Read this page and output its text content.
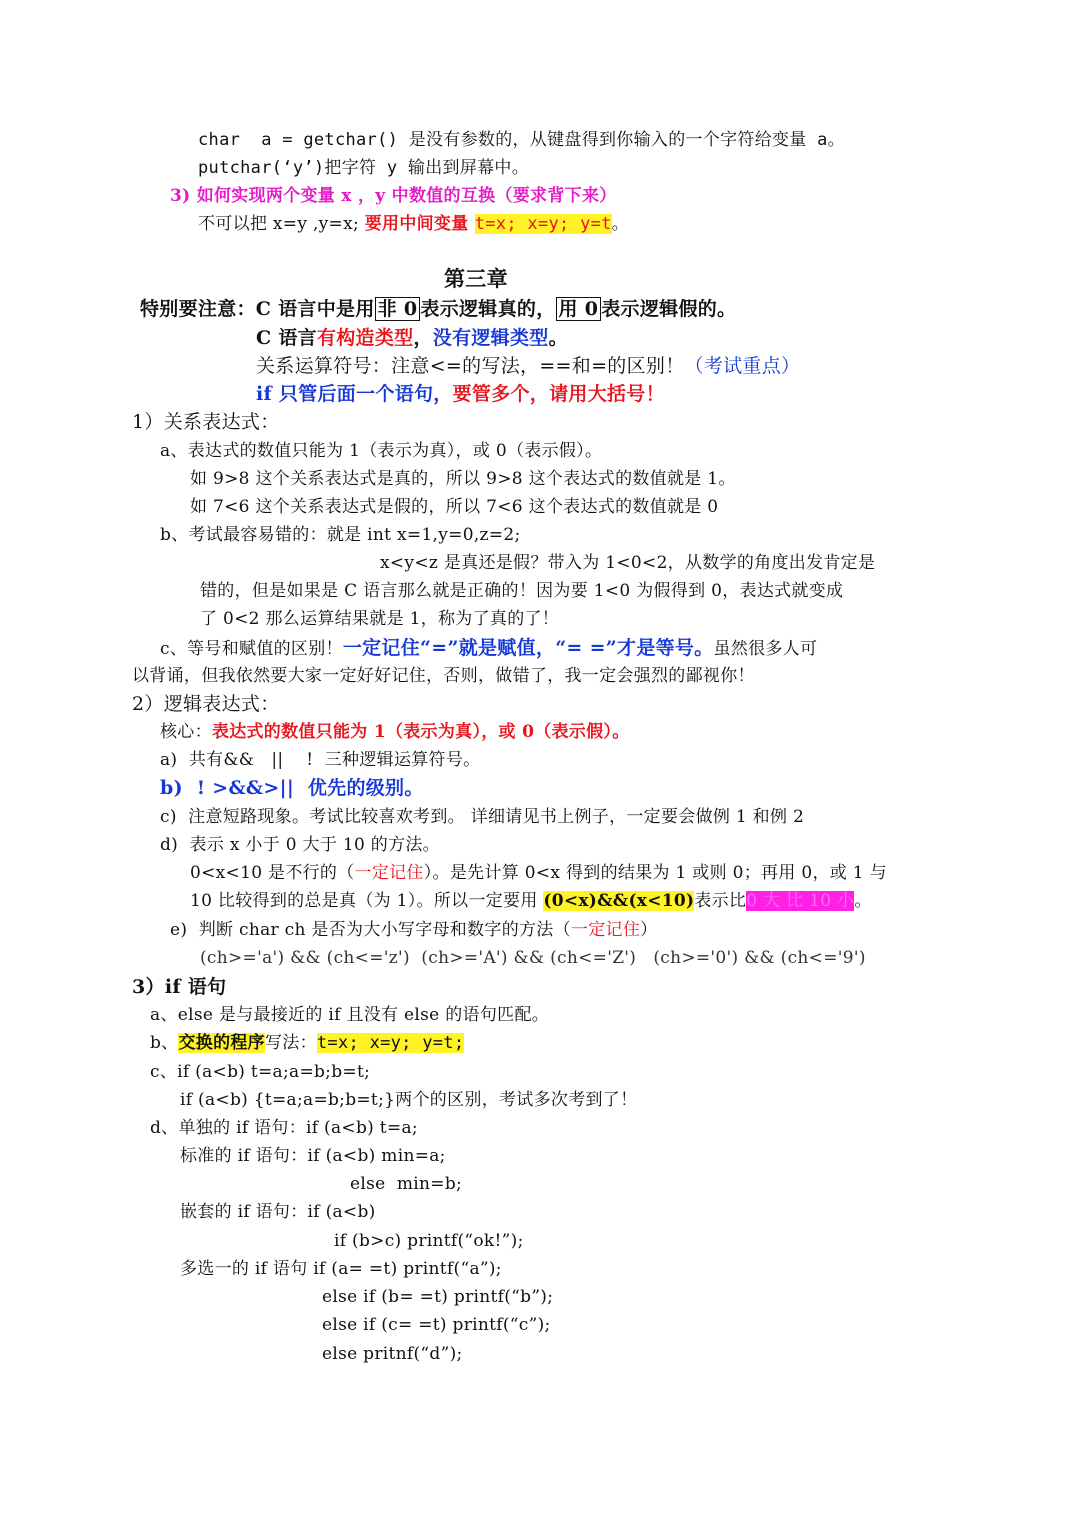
char  a = getchar() 是没有参数的，从键盘得到你输入的一个字符给变量 a。
putchar(‘y’)把字符 y 输出到屏幕中。
3) 如何实现两个变量 x ，y 中数值的互换（要求背下来）
不可以把 x=y ,y=x; 要用中间变量 t=x; x=y; y=t。
第三章
特别要注意：C 语言中是用 非 0 表示逻辑真的， 用 0 表示逻辑假的。
C 语言有构造类型，没有逻辑类型。
关系运算符号：注意<=的写法，==和=的区别！（考试重点）
if 只管后面一个语句，要管多个，请用大括号！
1）关系表达式：
a、表达式的数值只能为 1（表示为真），或 0（表示假）。
如 9>8 这个关系表达式是真的，所以 9>8 这个表达式的数值就是 1。
如 7<6 这个关系表达式是假的，所以 7<6 这个表达式的数值就是 0
b、考试最容易错的：就是 int x=1,y=0,z=2;
x<y<z 是真还是假？带入为 1<0<2，从数学的角度出发肯定是
错的，但是如果是 C 语言那么就是正确的！因为要 1<0 为假得到 0，表达式就变成
了 0<2 那么运算结果就是 1，称为了真的了！
c、等号和赋值的区别！一定记住“=”就是赋值，“= =”才是等号。虽然很多人可
以背诵，但我依然要大家一定好好记住，否则，做错了，我一定会强烈的鄙视你！
2）逻辑表达式：
核心：表达式的数值只能为 1（表示为真），或 0（表示假）。
a)  共有&&   ||    !  三种逻辑运算符号。
b)  ! >&&>||  优先的级别。
c)  注意短路现象。考试比较喜欢考到。 详细请见书上例子，一定要会做例 1 和例 2
d)  表示 x 小于 0 大于 10 的方法。
0<x<10 是不行的（一定记住）。是先计算 0<x 得到的结果为 1 或则 0；再用 0，或 1 与
10 比较得到的总是真（为 1）。所以一定要用 (0<x)&&(x<10)表示比0 大 比 10 小。
e)  判断 char ch 是否为大小写字母和数字的方法（一定记住）
(ch>='a') && (ch<='z')  (ch>='A') && (ch<='Z')   (ch>='0') && (ch<='9')
3）if 语句
a、else 是与最接近的 if 且没有 else 的语句匹配。
b、交换的程序写法：t=x; x=y; y=t;
c、if (a<b) t=a;a=b;b=t;
if (a<b) {t=a;a=b;b=t;}两个的区别，考试多次考到了！
d、单独的 if 语句：if (a<b) t=a;
标准的 if 语句：if (a<b) min=a;
else  min=b;
嵌套的 if 语句：if (a<b)
if (b>c) printf(“ok!”);
多选一的 if 语句 if (a= =t) printf(“a”);
else if (b= =t) printf(“b”);
else if (c= =t) printf(“c”);
else pritnf(“d”);
